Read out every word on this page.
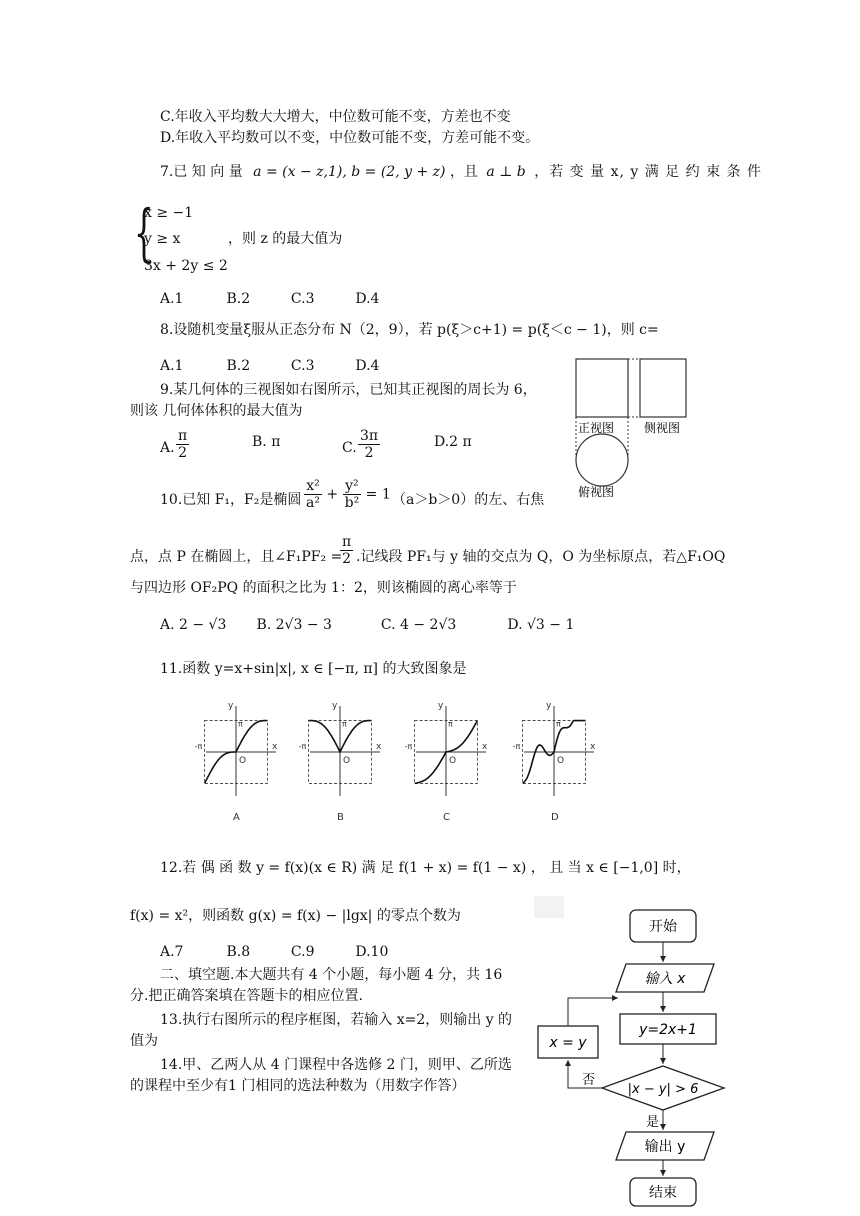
C.年收入平均数大大增大，中位数可能不变，方差也不变
D.年收入平均数可以不变，中位数可能不变，方差可能不变。
7.已 知 向 量 a = (x − z,1), b = (2, y + z) ，且 a ⊥ b ，若 变 量 x, y 满 足 约 束 条 件
{
x ≥ −1
y ≥ x	，则 z 的最大值为
3x + 2y ≤ 2
A.1	B.2	C.3	D.4
8.设随机变量ξ服从正态分布 N（2，9），若 p(ξ＞c+1) = p(ξ＜c − 1)，则 c=
A.1	B.2	C.3	D.4
9.某几何体的三视图如右图所示，已知其正视图的周长为 6，
则该 几何体体积的最大值为
A. $\frac{\pi}{2}$	B. π	C. $\frac{3\pi}{2}$	D.2 π
10.已知 F₁，F₂是椭圆 $\frac{\text{x²}}{\text{a²}} + \frac{\text{y²}}{\text{b²}} = 1$ （a＞b＞0）的左、右焦
点，点 P 在椭圆上，且∠F₁PF₂ =
$\frac{\pi}{2}$ .记线段 PF₁与 y 轴的交点为 Q，O 为坐标原点，若△F₁OQ
与四边形 OF₂PQ 的面积之比为 1：2，则该椭圆的离心率等于
A. 2 − √3 B. 2√3 − 3	C. 4 − 2√3	D. √3 − 1
11.函数 y=x+sin|x|, x ∈ [−π, π] 的大致图象是
12.若 偶 函 数 y = f(x)(x ∈ R) 满 足 f(1 + x) = f(1 − x) ， 且 当 x ∈ [−1,0] 时，
f(x) = x²，则函数 g(x) = f(x) − |lgx| 的零点个数为
A.7	B.8	C.9	D.10
二、填空题.本大题共有 4 个小题，每小题 4 分，共 16
分.把正确答案填在答题卡的相应位置.
13.执行右图所示的程序框图，若输入 x=2，则输出 y 的
值为
14.甲、乙两人从 4 门课程中各选修 2 门，则甲、乙所选
的课程中至少有1 门相同的选法种数为（用数字作答）
正视图 侧视图
俯视图
y
x
O
-π
π
A
y
x
O
-π
π
B
y
x
O
-π
π
C
y
x
O
-π
π
D
开始
输入 x
y=2x+1
|x − y| > 6
x = y
否
是
输出 y
结束
